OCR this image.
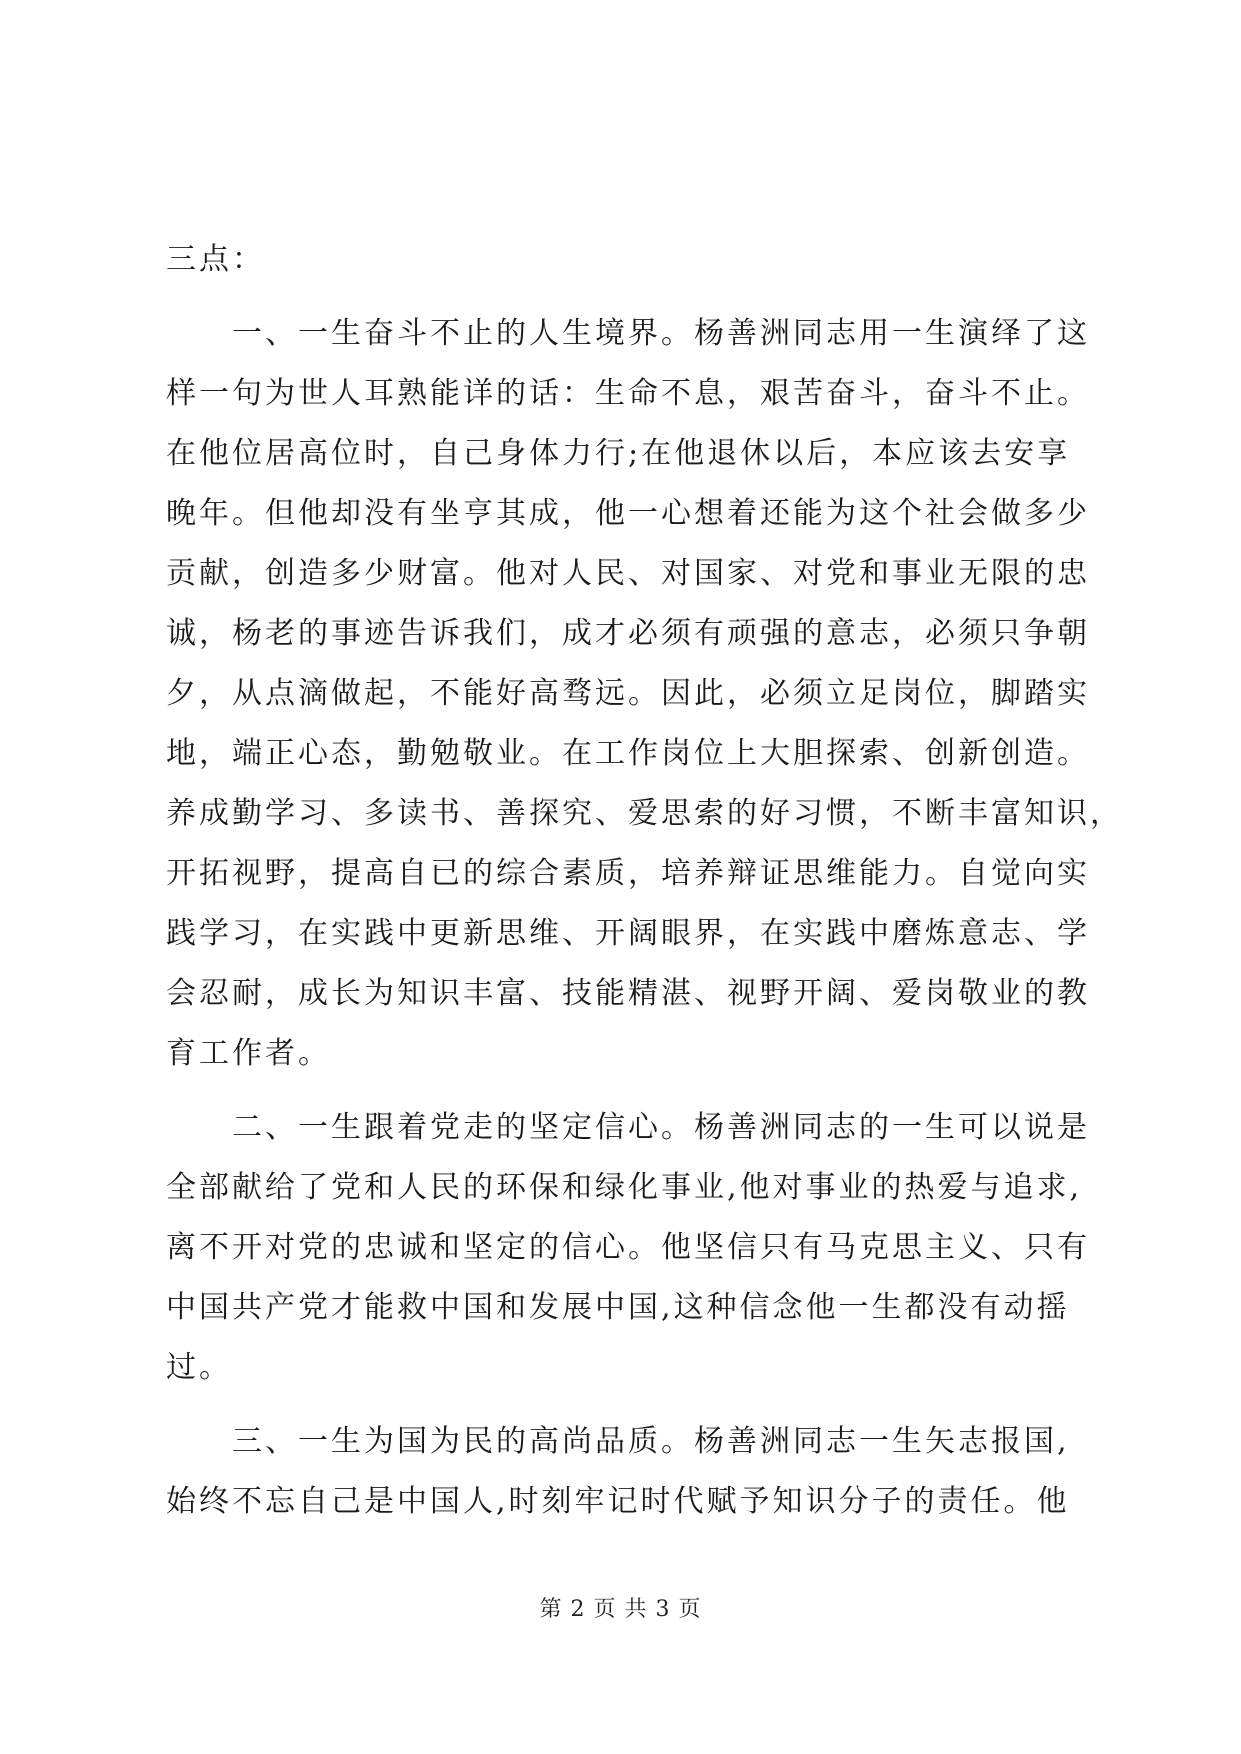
三点：
一、一生奋斗不止的人生境界。杨善洲同志用一生演绎了这
样一句为世人耳熟能详的话：生命不息，艰苦奋斗，奋斗不止。
在他位居高位时，自己身体力行;在他退休以后，本应该去安享
晚年。但他却没有坐亨其成，他一心想着还能为这个社会做多少
贡献，创造多少财富。他对人民、对国家、对党和事业无限的忠
诚，杨老的事迹告诉我们，成才必须有顽强的意志，必须只争朝
夕，从点滴做起，不能好高骛远。因此，必须立足岗位，脚踏实
地，端正心态，勤勉敬业。在工作岗位上大胆探索、创新创造。
养成勤学习、多读书、善探究、爱思索的好习惯，不断丰富知识，
开拓视野，提高自已的综合素质，培养辩证思维能力。自觉向实
践学习，在实践中更新思维、开阔眼界，在实践中磨炼意志、学
会忍耐，成长为知识丰富、技能精湛、视野开阔、爱岗敬业的教
育工作者。
二、一生跟着党走的坚定信心。杨善洲同志的一生可以说是
全部献给了党和人民的环保和绿化事业,他对事业的热爱与追求,
离不开对党的忠诚和坚定的信心。他坚信只有马克思主义、只有
中国共产党才能救中国和发展中国,这种信念他一生都没有动摇
过。
三、一生为国为民的高尚品质。杨善洲同志一生矢志报国,
始终不忘自己是中国人,时刻牢记时代赋予知识分子的责任。他
第 2 页 共 3 页
